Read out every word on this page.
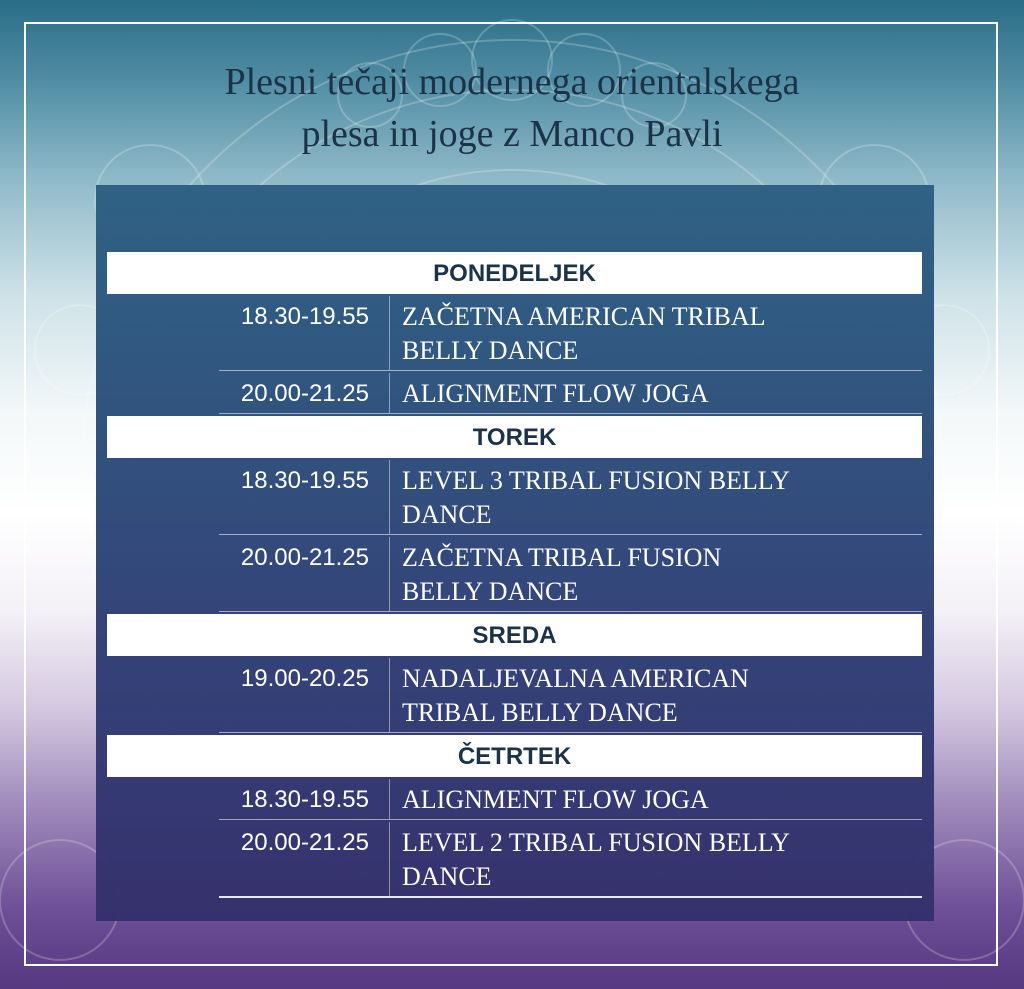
Plesni tečaji modernega orientalskega
plesa in joge z Manco Pavli
PONEDELJEK
18.30-19.55	ZAČETNA AMERICAN TRIBAL
BELLY DANCE
20.00-21.25	ALIGNMENT FLOW JOGA
TOREK
18.30-19.55	LEVEL 3 TRIBAL FUSION BELLY
DANCE
20.00-21.25	ZAČETNA TRIBAL FUSION
BELLY DANCE
SREDA
19.00-20.25	NADALJEVALNA AMERICAN
TRIBAL BELLY DANCE
ČETRTEK
18.30-19.55	ALIGNMENT FLOW JOGA
20.00-21.25	LEVEL 2 TRIBAL FUSION BELLY
DANCE
